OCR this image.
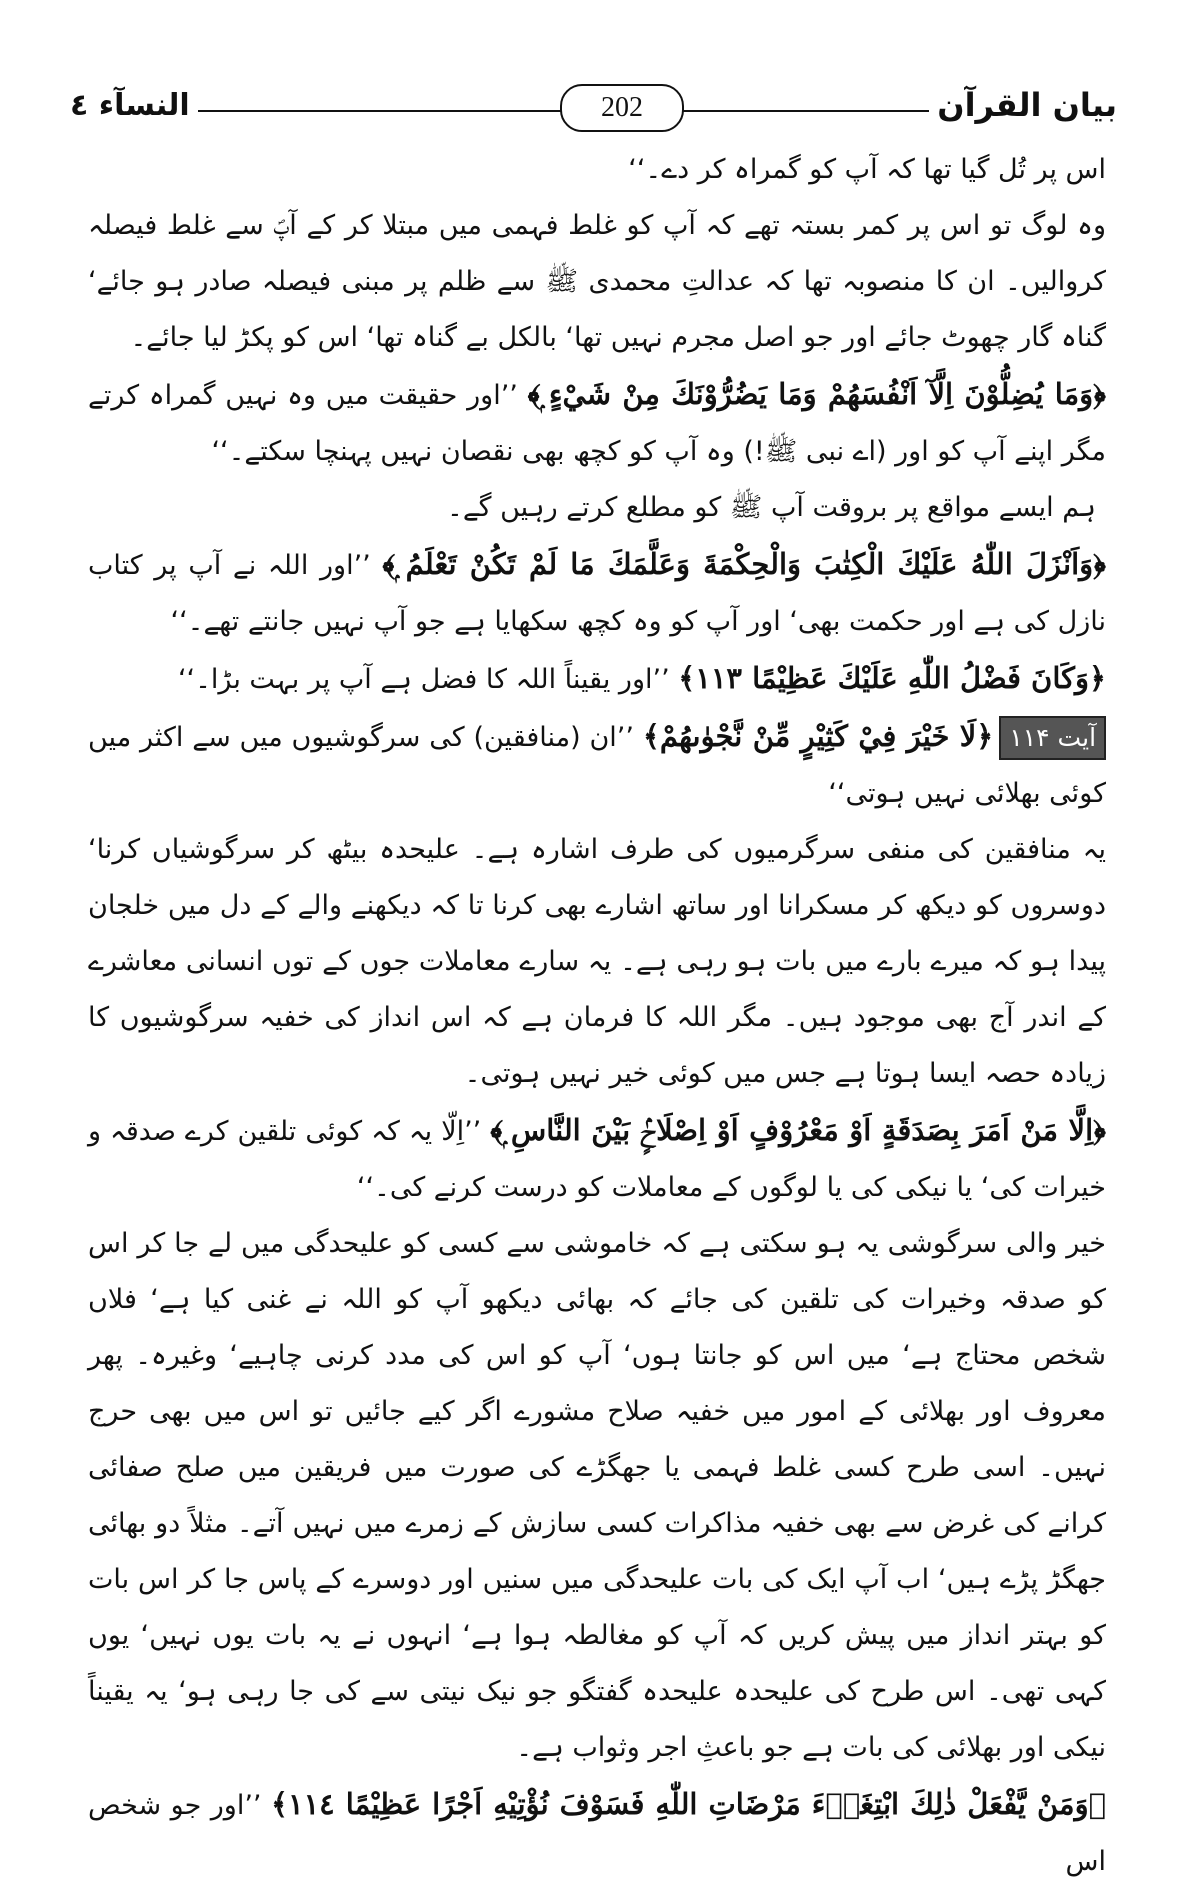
النسآء ٤	202	بیان القرآن

اس پر تُل گیا تھا کہ آپ کو گمراہ کر دے۔‘‘

وہ لوگ تو اس پر کمر بستہ تھے کہ آپ کو غلط فہمی میں مبتلا کر کے آپؐ سے غلط فیصلہ کروالیں۔ ان کا منصوبہ تھا کہ عدالتِ محمدی ﷺ سے ظلم پر مبنی فیصلہ صادر ہو جائے‘ گناہ گار چھوٹ جائے اور جو اصل مجرم نہیں تھا‘ بالکل بے گناہ تھا‘ اس کو پکڑ لیا جائے۔

﴿وَمَا يُضِلُّوْنَ اِلَّآ اَنْفُسَهُمْ وَمَا يَضُرُّوْنَكَ مِنْ شَيْءٍ ۭ﴾ ’’اور حقیقت میں وہ نہیں گمراہ کرتے مگر اپنے آپ کو اور (اے نبی ﷺ!) وہ آپ کو کچھ بھی نقصان نہیں پہنچا سکتے۔‘‘

ہم ایسے مواقع پر بروقت آپ ﷺ کو مطلع کرتے رہیں گے۔

﴿وَاَنْزَلَ اللّٰهُ عَلَيْكَ الْكِتٰبَ وَالْحِكْمَةَ وَعَلَّمَكَ مَا لَمْ تَكُنْ تَعْلَمُ ۭ﴾ ’’اور اللہ نے آپ پر کتاب نازل کی ہے اور حکمت بھی‘ اور آپ کو وہ کچھ سکھایا ہے جو آپ نہیں جانتے تھے۔‘‘

﴿وَكَانَ فَضْلُ اللّٰهِ عَلَيْكَ عَظِيْمًا ١١٣﴾ ’’اور یقیناً اللہ کا فضل ہے آپ پر بہت بڑا۔‘‘

آیت ۱۱۴﴿لَا خَيْرَ فِيْ كَثِيْرٍ مِّنْ نَّجْوٰىهُمْ﴾ ’’ان (منافقین) کی سرگوشیوں میں سے اکثر میں کوئی بھلائی نہیں ہوتی‘‘

یہ منافقین کی منفی سرگرمیوں کی طرف اشارہ ہے۔ علیحدہ بیٹھ کر سرگوشیاں کرنا‘ دوسروں کو دیکھ کر مسکرانا اور ساتھ اشارے بھی کرنا تا کہ دیکھنے والے کے دل میں خلجان پیدا ہو کہ میرے بارے میں بات ہو رہی ہے۔ یہ سارے معاملات جوں کے توں انسانی معاشرے کے اندر آج بھی موجود ہیں۔ مگر اللہ کا فرمان ہے کہ اس انداز کی خفیہ سرگوشیوں کا زیادہ حصہ ایسا ہوتا ہے جس میں کوئی خیر نہیں ہوتی۔

﴿اِلَّا مَنْ اَمَرَ بِصَدَقَةٍ اَوْ مَعْرُوْفٍ اَوْ اِصْلَاحٍۢ بَيْنَ النَّاسِ ۭ﴾ ’’اِلّا یہ کہ کوئی تلقین کرے صدقہ و خیرات کی‘ یا نیکی کی یا لوگوں کے معاملات کو درست کرنے کی۔‘‘

خیر والی سرگوشی یہ ہو سکتی ہے کہ خاموشی سے کسی کو علیحدگی میں لے جا کر اس کو صدقہ وخیرات کی تلقین کی جائے کہ بھائی دیکھو آپ کو اللہ نے غنی کیا ہے‘ فلاں شخص محتاج ہے‘ میں اس کو جانتا ہوں‘ آپ کو اس کی مدد کرنی چاہیے‘ وغیرہ۔ پھر معروف اور بھلائی کے امور میں خفیہ صلاح مشورے اگر کیے جائیں تو اس میں بھی حرج نہیں۔ اسی طرح کسی غلط فہمی یا جھگڑے کی صورت میں فریقین میں صلح صفائی کرانے کی غرض سے بھی خفیہ مذاکرات کسی سازش کے زمرے میں نہیں آتے۔ مثلاً دو بھائی جھگڑ پڑے ہیں‘ اب آپ ایک کی بات علیحدگی میں سنیں اور دوسرے کے پاس جا کر اس بات کو بہتر انداز میں پیش کریں کہ آپ کو مغالطہ ہوا ہے‘ انہوں نے یہ بات یوں نہیں‘ یوں کہی تھی۔ اس طرح کی علیحدہ علیحدہ گفتگو جو نیک نیتی سے کی جا رہی ہو‘ یہ یقیناً نیکی اور بھلائی کی بات ہے جو باعثِ اجر وثواب ہے۔

﴿وَمَنْ يَّفْعَلْ ذٰلِكَ ابْتِغَاۗءَ مَرْضَاتِ اللّٰهِ فَسَوْفَ نُؤْتِيْهِ اَجْرًا عَظِيْمًا ١١٤﴾ ’’اور جو شخص اس
